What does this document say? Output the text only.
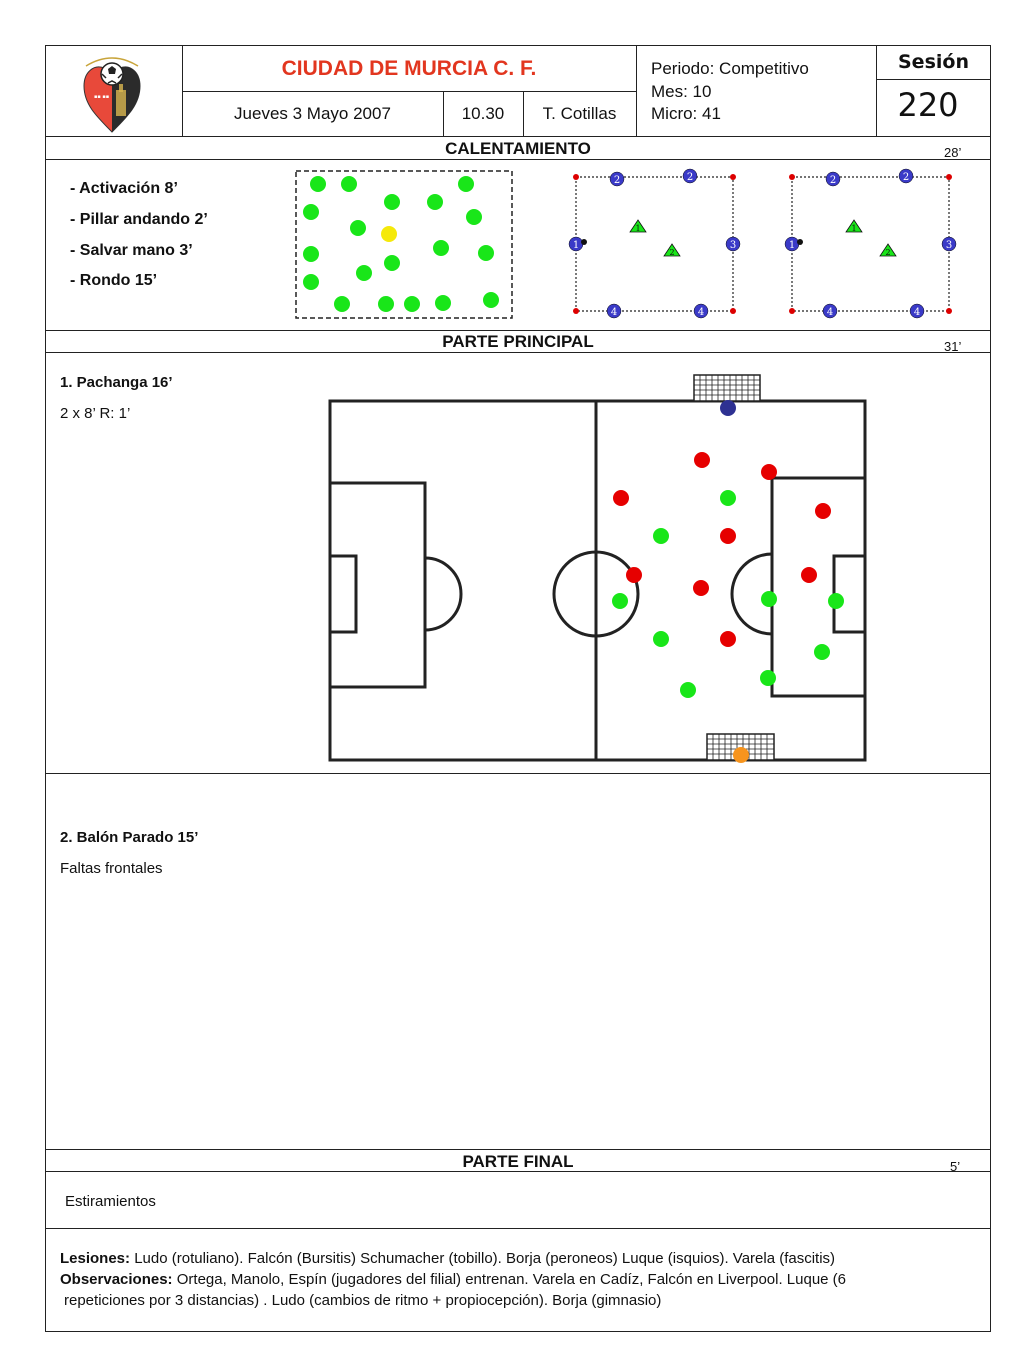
▪▪ ▪▪
CIUDAD DE MURCIA C. F.
Jueves 3 Mayo 2007	10.30	T. Cotillas
Periodo: Competitivo
Mes: 10
Micro: 41
Sesión
220
CALENTAMIENTO	28’
- Activación 8’
- Pillar andando 2’
- Salvar mano 3’
- Rondo 15’
2	2
1	3
4	4
1
2
2	2
1	3
4	4
1
2
PARTE PRINCIPAL	31’
1. Pachanga 16’
2 x 8’ R: 1’
2. Balón Parado 15’
Faltas frontales
PARTE FINAL	5’
Estiramientos
Lesiones: Ludo (rotuliano). Falcón (Bursitis) Schumacher (tobillo). Borja (peroneos) Luque (isquios). Varela (fascitis)
Observaciones: Ortega, Manolo, Espín (jugadores del filial) entrenan. Varela en Cadíz, Falcón en Liverpool. Luque (6
repeticiones por 3 distancias) . Ludo (cambios de ritmo + propiocepción). Borja (gimnasio)
